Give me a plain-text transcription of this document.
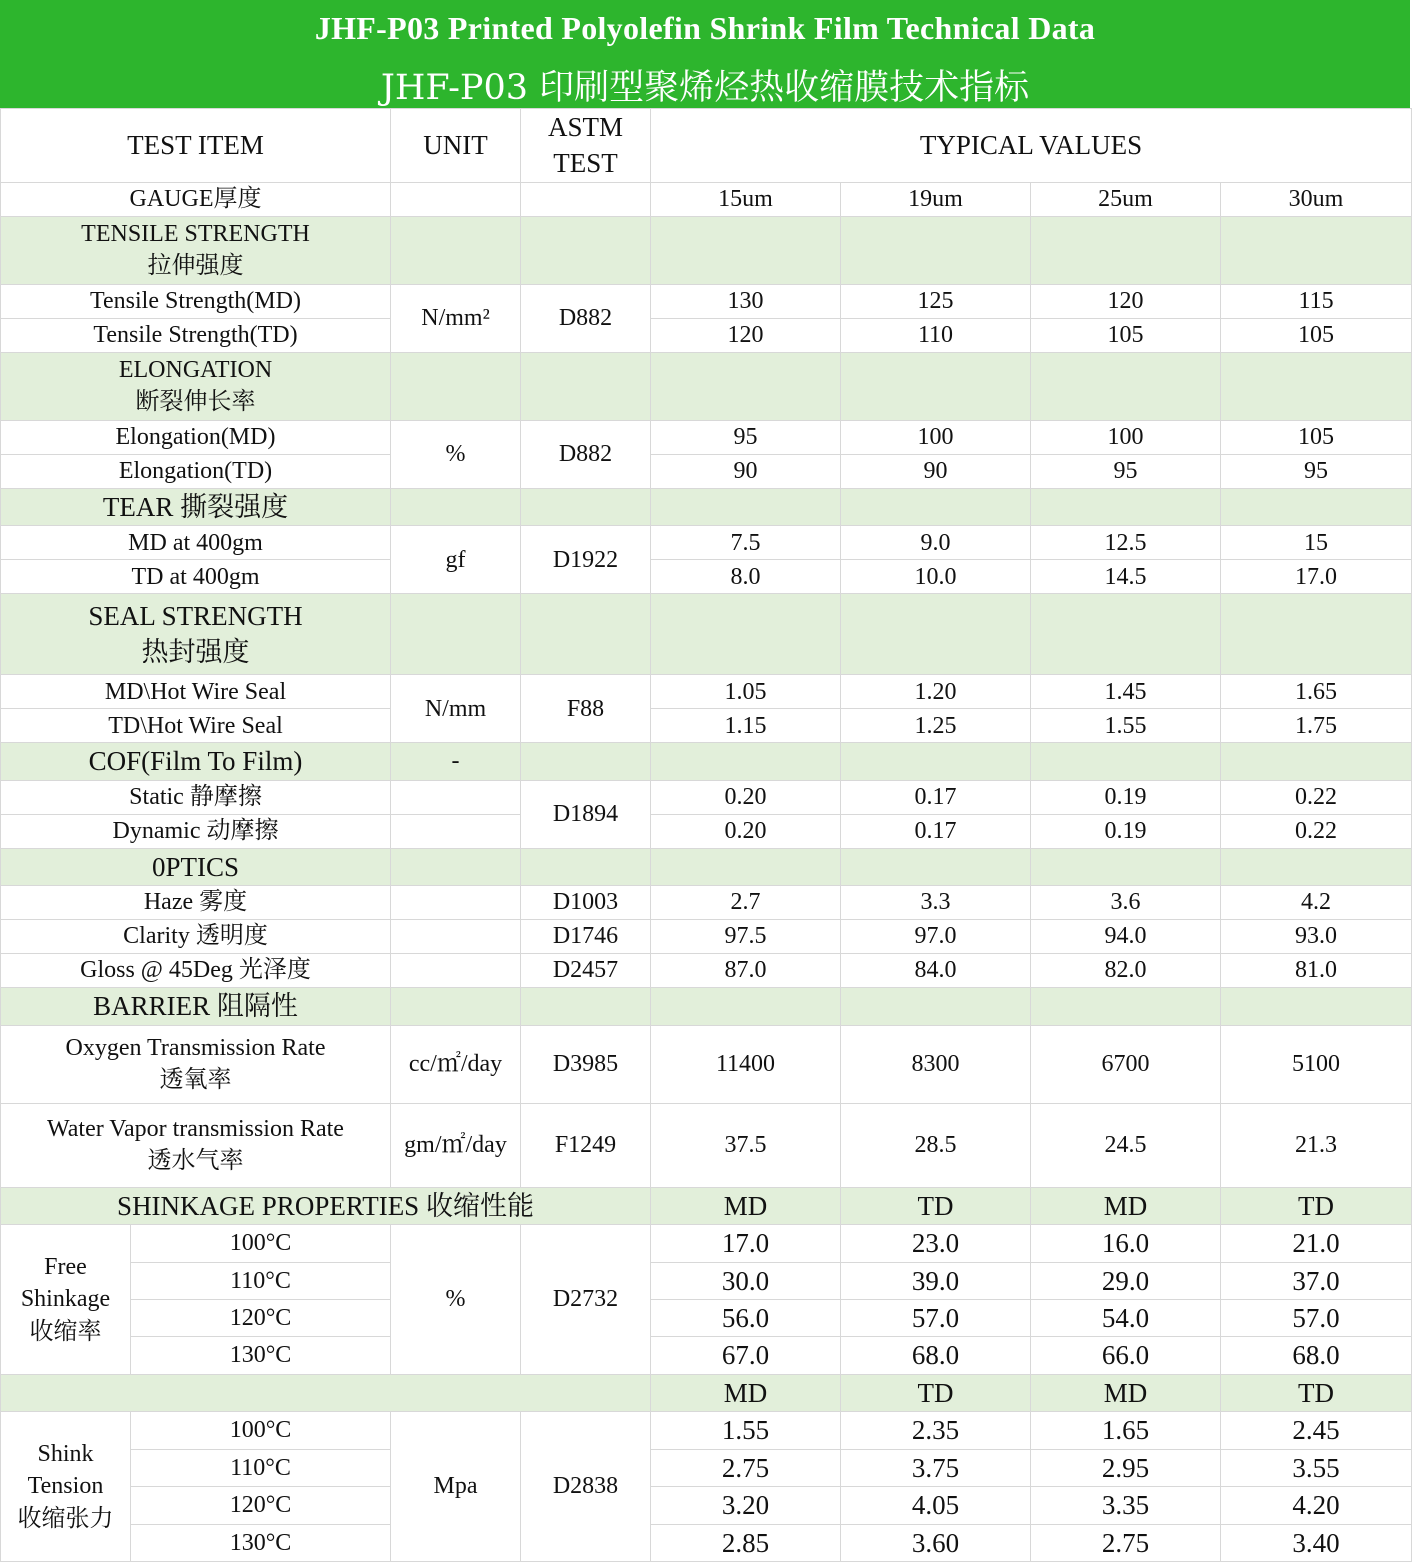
JHF-P03 Printed Polyolefin Shrink Film Technical Data
JHF-P03 印刷型聚烯烃热收缩膜技术指标
TEST ITEM		UNIT	ASTM
TEST	TYPICAL VALUES			
GAUGE厚度				15um	19um	25um	30um
TENSILE STRENGTH
拉伸强度							
Tensile Strength(MD)		N/mm²	D882	130	125	120	115
Tensile Strength(TD)				120	110	105	105
ELONGATION
断裂伸长率							
Elongation(MD)		%	D882	95	100	100	105
Elongation(TD)				90	90	95	95
TEAR 撕裂强度							
MD at 400gm		gf	D1922	7.5	9.0	12.5	15
TD at 400gm				8.0	10.0	14.5	17.0
SEAL STRENGTH
热封强度							
MD\Hot Wire Seal		N/mm	F88	1.05	1.20	1.45	1.65
TD\Hot Wire Seal				1.15	1.25	1.55	1.75
COF(Film To Film)		-					
Static 静摩擦			D1894	0.20	0.17	0.19	0.22
Dynamic 动摩擦				0.20	0.17	0.19	0.22
0PTICS							
Haze 雾度			D1003	2.7	3.3	3.6	4.2
Clarity 透明度			D1746	97.5	97.0	94.0	93.0
Gloss @ 45Deg 光泽度			D2457	87.0	84.0	82.0	81.0
BARRIER 阻隔性							
Oxygen Transmission Rate
透氧率		cc/㎡/day	D3985	11400	8300	6700	5100
Water Vapor transmission Rate
透水气率		gm/㎡/day	F1249	37.5	28.5	24.5	21.3
SHINKAGE PROPERTIES 收缩性能				MD	TD	MD	TD
Free
Shinkage
收缩率	100°C	%	D2732	17.0	23.0	16.0	21.0
	110°C			30.0	39.0	29.0	37.0
	120°C			56.0	57.0	54.0	57.0
	130°C			67.0	68.0	66.0	68.0
				MD	TD	MD	TD
Shink
Tension
收缩张力	100°C	Mpa	D2838	1.55	2.35	1.65	2.45
	110°C			2.75	3.75	2.95	3.55
	120°C			3.20	4.05	3.35	4.20
	130°C			2.85	3.60	2.75	3.40
